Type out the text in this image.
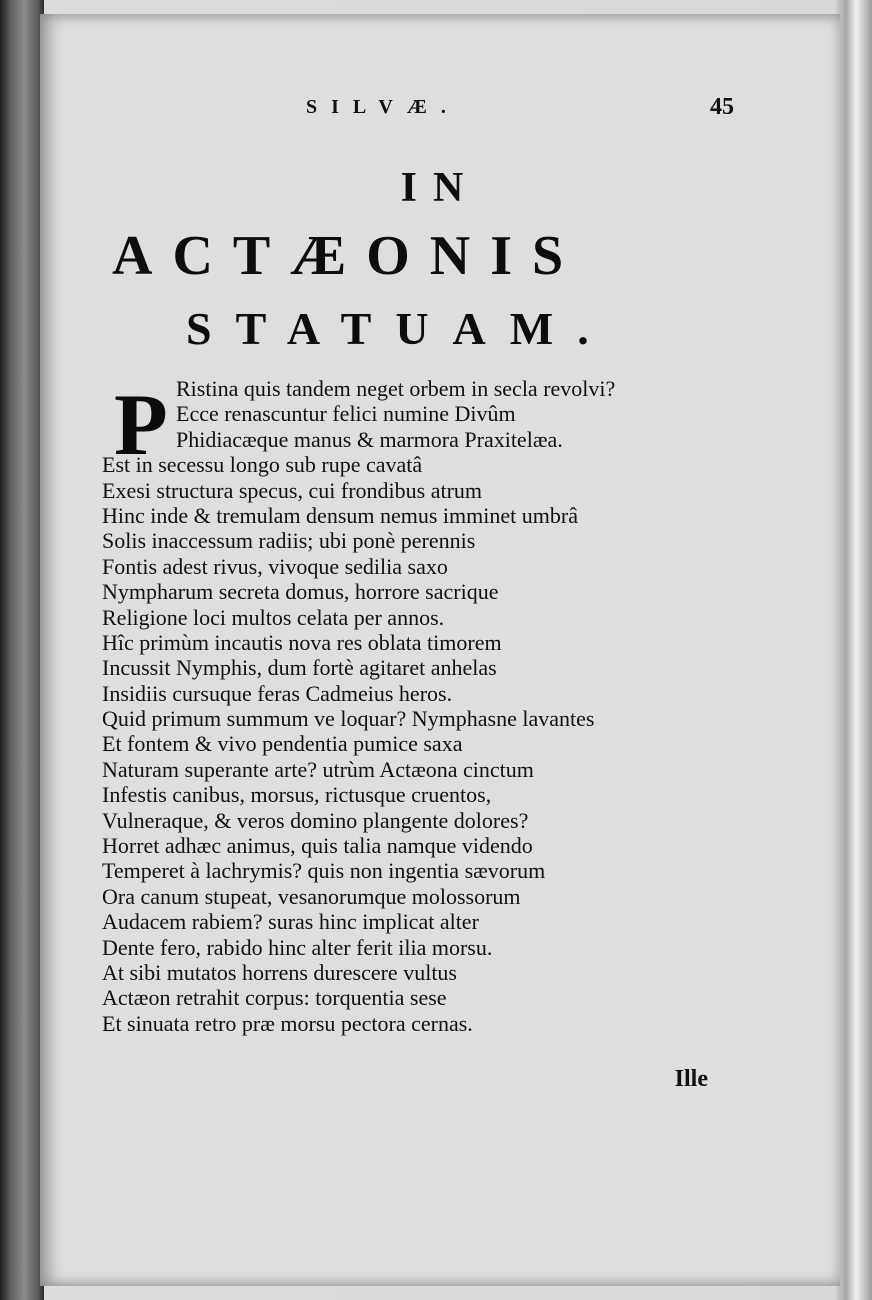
SILVÆ.	45
IN
ACTÆONIS
STATUAM.
P Ristina quis tandem neget orbem in secla revolvi?
Ecce renascuntur felici numine Divûm
Phidiacæque manus & marmora Praxitelæa.
Est in secessu longo sub rupe cavatâ
Exesi structura specus, cui frondibus atrum
Hinc inde & tremulam densum nemus imminet umbrâ
Solis inaccessum radiis; ubi ponè perennis
Fontis adest rivus, vivoque sedilia saxo
Nympharum secreta domus, horrore sacrique
Religione loci multos celata per annos.
Hîc primùm incautis nova res oblata timorem
Incussit Nymphis, dum fortè agitaret anhelas
Insidiis cursuque feras Cadmeius heros.
Quid primum summum ve loquar? Nymphasne lavantes
Et fontem & vivo pendentia pumice saxa
Naturam superante arte? utrùm Actæona cinctum
Infestis canibus, morsus, rictusque cruentos,
Vulneraque, & veros domino plangente dolores?
Horret adhæc animus, quis talia namque videndo
Temperet à lachrymis? quis non ingentia sævorum
Ora canum stupeat, vesanorumque molossorum
Audacem rabiem? suras hinc implicat alter
Dente fero, rabido hinc alter ferit ilia morsu.
At sibi mutatos horrens durescere vultus
Actæon retrahit corpus: torquentia sese
Et sinuata retro præ morsu pectora cernas.
Ille
